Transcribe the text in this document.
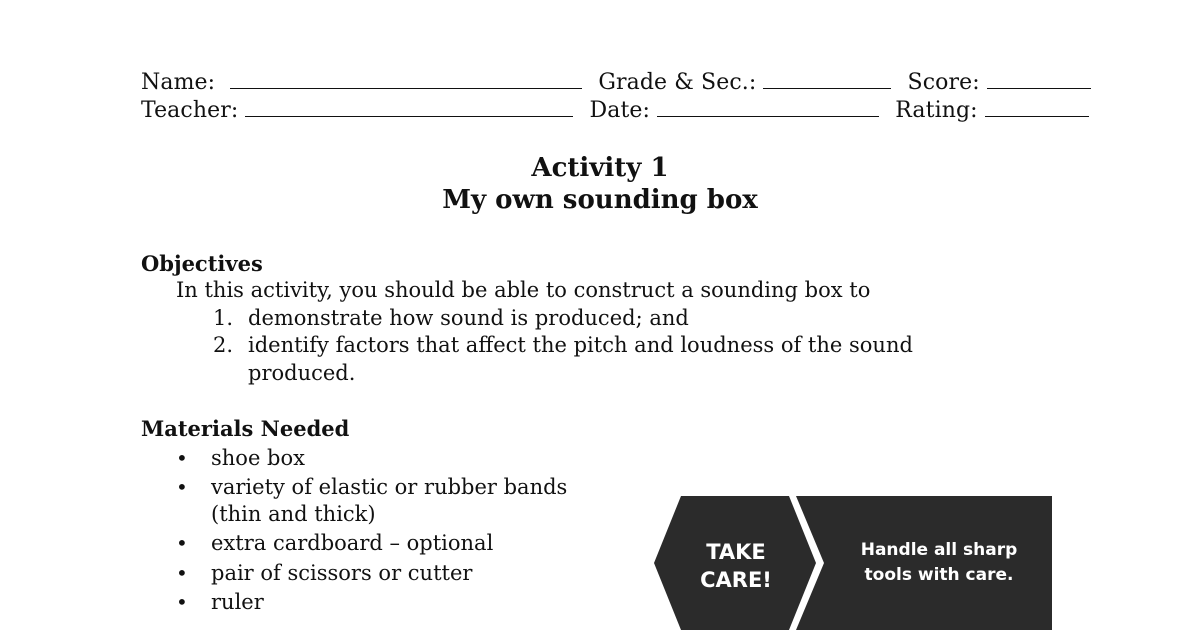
Name:	Grade & Sec.:	Score:
Teacher:	Date:	Rating:
Activity 1
My own sounding box
Objectives
In this activity, you should be able to construct a sounding box to
1. demonstrate how sound is produced; and
2. identify factors that affect the pitch and loudness of the sound
produced.
Materials Needed
• shoe box
• variety of elastic or rubber bands
(thin and thick)
• extra cardboard – optional
• pair of scissors or cutter
• ruler
TAKE
CARE!
Handle all sharp
tools with care.
